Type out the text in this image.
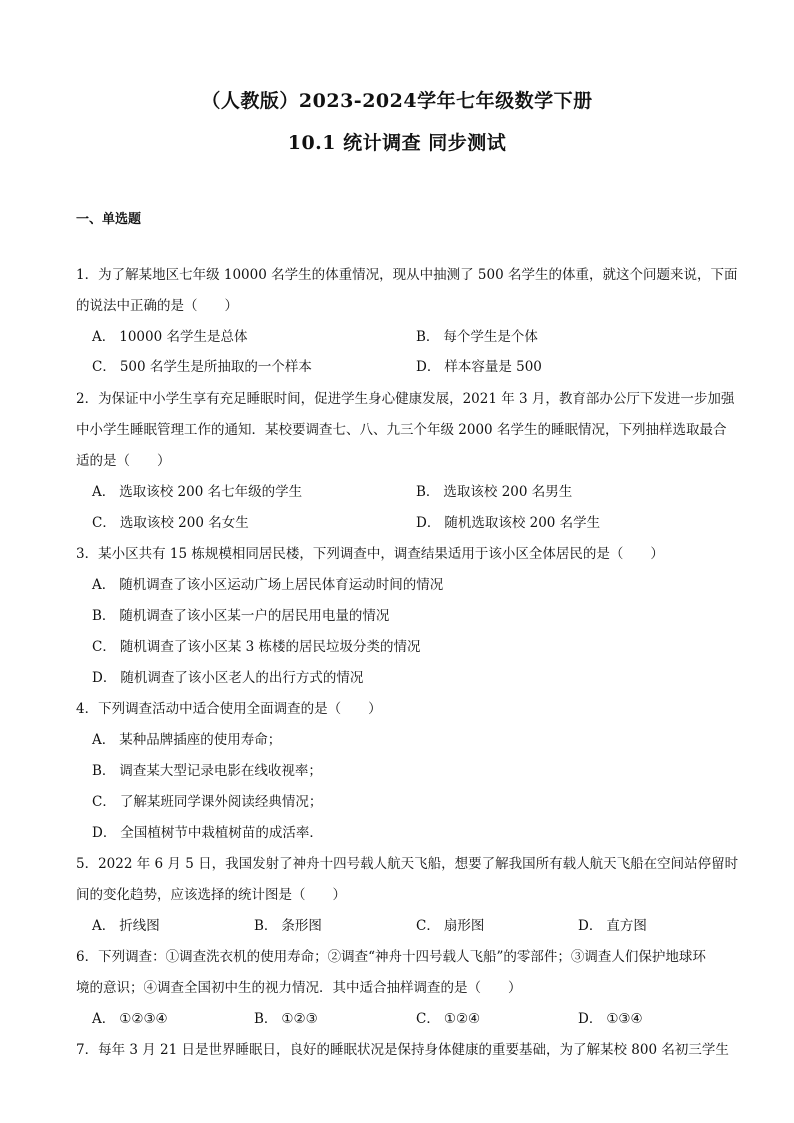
（人教版）2023-2024学年七年级数学下册
10.1 统计调查 同步测试
一、单选题
1．为了解某地区七年级 10000 名学生的体重情况，现从中抽测了 500 名学生的体重，就这个问题来说，下面
的说法中正确的是（　　）
A． 10000 名学生是总体	B． 每个学生是个体
C． 500 名学生是所抽取的一个样本	D． 样本容量是 500
2．为保证中小学生享有充足睡眠时间，促进学生身心健康发展，2021 年 3 月，教育部办公厅下发进一步加强
中小学生睡眠管理工作的通知．某校要调查七、八、九三个年级 2000 名学生的睡眠情况，下列抽样选取最合
适的是（　　）
A． 选取该校 200 名七年级的学生	B． 选取该校 200 名男生
C． 选取该校 200 名女生	D． 随机选取该校 200 名学生
3．某小区共有 15 栋规模相同居民楼，下列调查中，调查结果适用于该小区全体居民的是（　　）
A． 随机调查了该小区运动广场上居民体育运动时间的情况
B． 随机调查了该小区某一户的居民用电量的情况
C． 随机调查了该小区某 3 栋楼的居民垃圾分类的情况
D． 随机调查了该小区老人的出行方式的情况
4．下列调查活动中适合使用全面调查的是（　　）
A． 某种品牌插座的使用寿命；
B． 调查某大型记录电影在线收视率；
C． 了解某班同学课外阅读经典情况；
D． 全国植树节中栽植树苗的成活率．
5．2022 年 6 月 5 日，我国发射了神舟十四号载人航天飞船，想要了解我国所有载人航天飞船在空间站停留时
间的变化趋势，应该选择的统计图是（　　）
A． 折线图	B． 条形图	C． 扇形图	D． 直方图
6．下列调查：①调查洗衣机的使用寿命；②调查“神舟十四号载人飞船”的零部件；③调查人们保护地球环
境的意识；④调查全国初中生的视力情况．其中适合抽样调查的是（　　）
A． ①②③④	B． ①②③	C． ①②④	D． ①③④
7．每年 3 月 21 日是世界睡眠日，良好的睡眠状况是保持身体健康的重要基础，为了解某校 800 名初三学生
